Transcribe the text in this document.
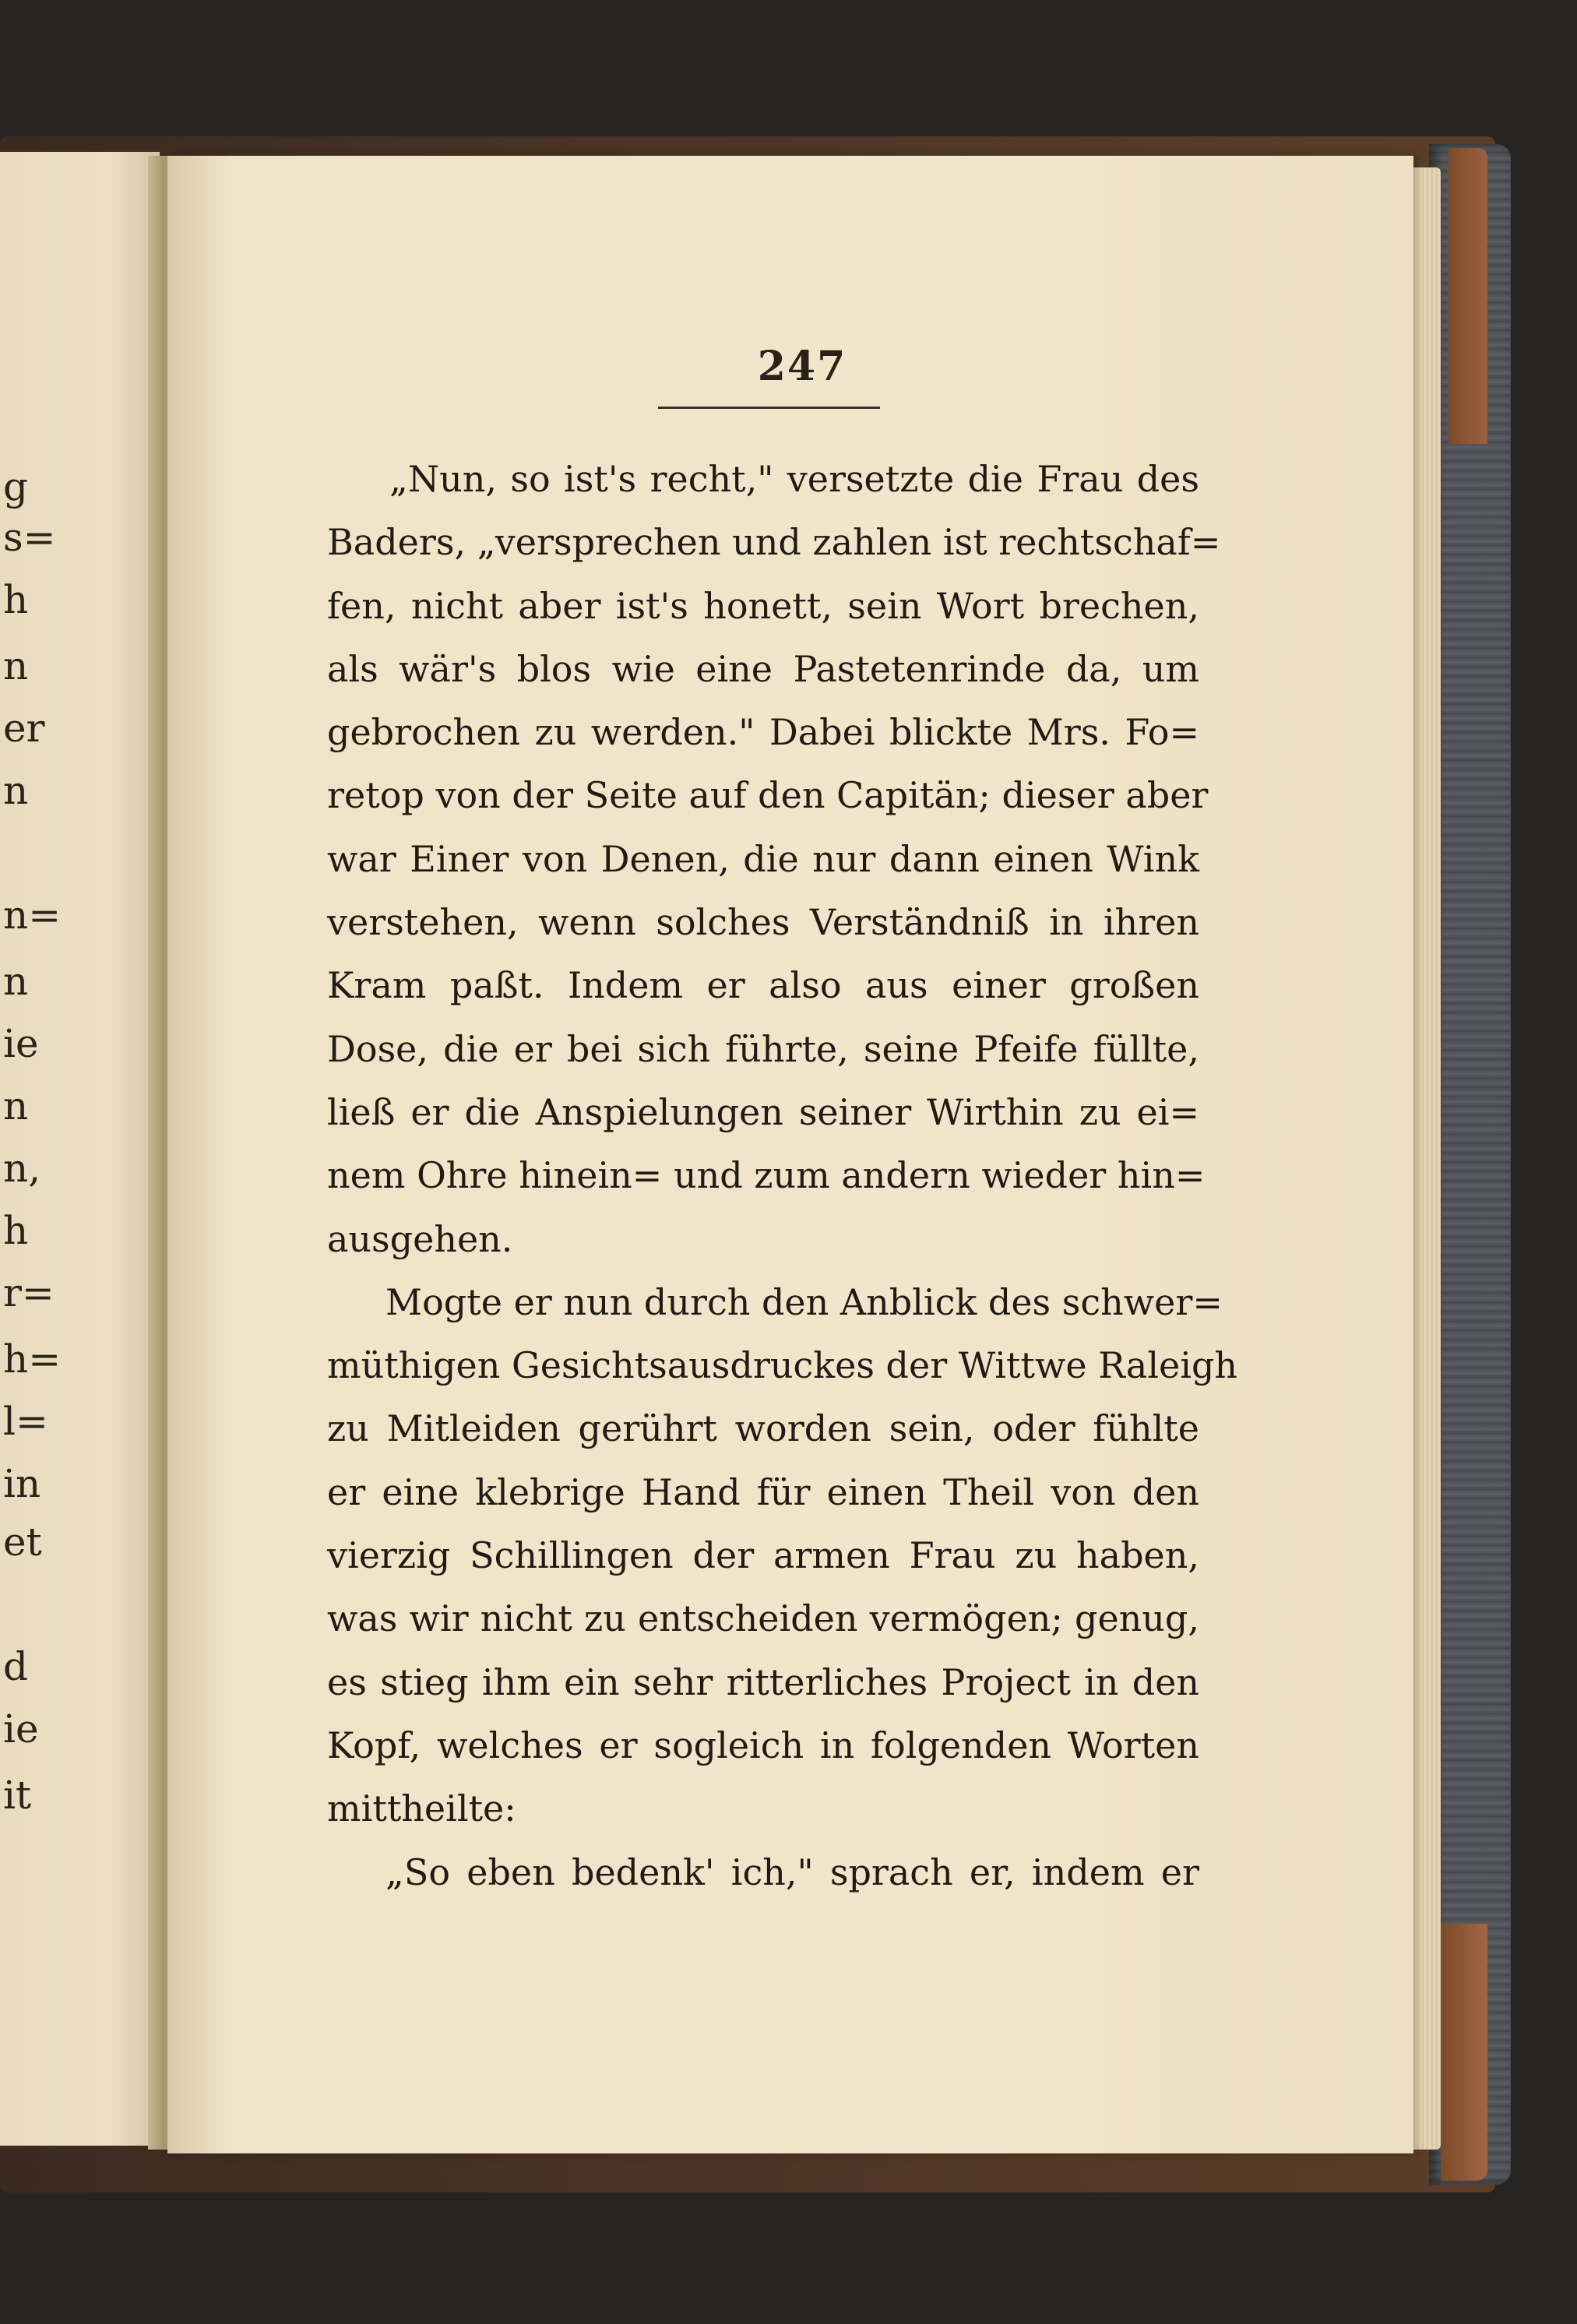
g
s=
h
n
er
n
n=
n
ie
n
n,
h
r=
h=
l=
in
et
d
ie
it
247
„Nun, so ist's recht," versetzte die Frau des
Baders, „versprechen und zahlen ist rechtschaf=
fen, nicht aber ist's honett, sein Wort brechen,
als wär's blos wie eine Pastetenrinde da, um
gebrochen zu werden." Dabei blickte Mrs. Fo=
retop von der Seite auf den Capitän; dieser aber
war Einer von Denen, die nur dann einen Wink
verstehen, wenn solches Verständniß in ihren
Kram paßt. Indem er also aus einer großen
Dose, die er bei sich führte, seine Pfeife füllte,
ließ er die Anspielungen seiner Wirthin zu ei=
nem Ohre hinein= und zum andern wieder hin=
ausgehen.
Mogte er nun durch den Anblick des schwer=
müthigen Gesichtsausdruckes der Wittwe Raleigh
zu Mitleiden gerührt worden sein, oder fühlte
er eine klebrige Hand für einen Theil von den
vierzig Schillingen der armen Frau zu haben,
was wir nicht zu entscheiden vermögen; genug,
es stieg ihm ein sehr ritterliches Project in den
Kopf, welches er sogleich in folgenden Worten
mittheilte:
„So eben bedenk' ich," sprach er, indem er
